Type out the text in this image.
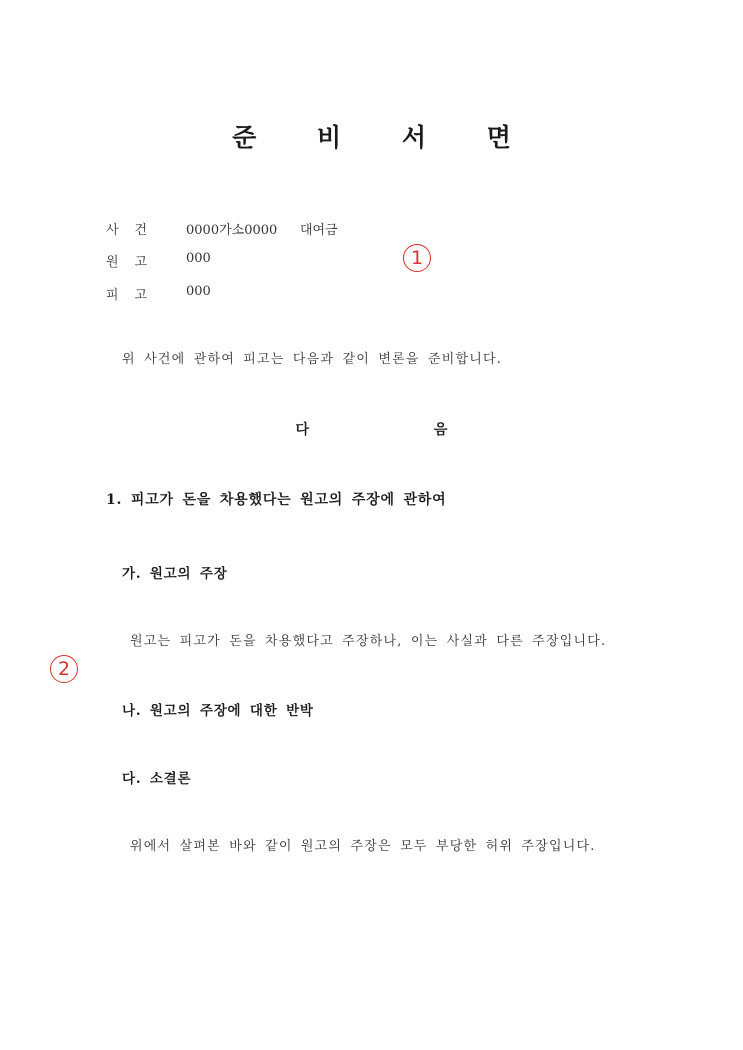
준 비 서 면
사건 0000가소0000 대여금
원고 000
피고 000
1
위 사건에 관하여 피고는 다음과 같이 변론을 준비합니다.
다 음
1. 피고가 돈을 차용했다는 원고의 주장에 관하여
가. 원고의 주장
원고는 피고가 돈을 차용했다고 주장하나, 이는 사실과 다른 주장입니다.
2
나. 원고의 주장에 대한 반박
다. 소결론
위에서 살펴본 바와 같이 원고의 주장은 모두 부당한 허위 주장입니다.
